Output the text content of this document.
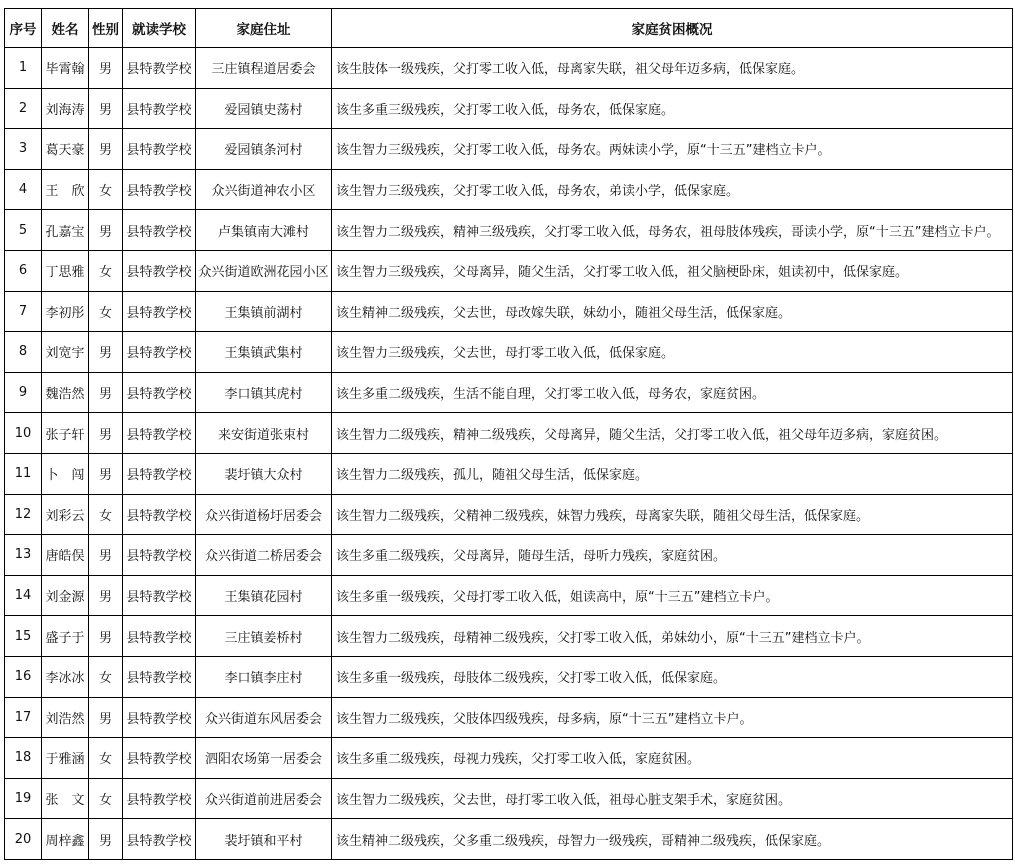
序号	姓名	性别	就读学校	家庭住址	家庭贫困概况
1	毕霄翰	男	县特教学校	三庄镇程道居委会	该生肢体一级残疾，父打零工收入低，母离家失联，祖父母年迈多病，低保家庭。
2	刘海涛	男	县特教学校	爱园镇史荡村	该生多重三级残疾，父打零工收入低，母务农，低保家庭。
3	葛天豪	男	县特教学校	爱园镇条河村	该生智力三级残疾，父打零工收入低，母务农。两妹读小学，原“十三五”建档立卡户。
4	王　欣	女	县特教学校	众兴街道神农小区	该生智力三级残疾，父打零工收入低，母务农，弟读小学，低保家庭。
5	孔嘉宝	男	县特教学校	卢集镇南大滩村	该生智力二级残疾，精神三级残疾，父打零工收入低，母务农，祖母肢体残疾，哥读小学，原“十三五”建档立卡户。
6	丁思雅	女	县特教学校	众兴街道欧洲花园小区	该生智力三级残疾，父母离异，随父生活，父打零工收入低，祖父脑梗卧床，姐读初中，低保家庭。
7	李初彤	女	县特教学校	王集镇前湖村	该生精神二级残疾，父去世，母改嫁失联，妹幼小，随祖父母生活，低保家庭。
8	刘宽宇	男	县特教学校	王集镇武集村	该生智力三级残疾，父去世，母打零工收入低，低保家庭。
9	魏浩然	男	县特教学校	李口镇其虎村	该生多重二级残疾，生活不能自理，父打零工收入低，母务农，家庭贫困。
10	张子轩	男	县特教学校	来安街道张束村	该生智力二级残疾，精神二级残疾，父母离异，随父生活，父打零工收入低，祖父母年迈多病，家庭贫困。
11	卜　闯	男	县特教学校	裴圩镇大众村	该生智力二级残疾，孤儿，随祖父母生活，低保家庭。
12	刘彩云	女	县特教学校	众兴街道杨圩居委会	该生智力二级残疾，父精神二级残疾，妹智力残疾，母离家失联，随祖父母生活，低保家庭。
13	唐皓俣	男	县特教学校	众兴街道二桥居委会	该生多重二级残疾，父母离异，随母生活，母听力残疾，家庭贫困。
14	刘金源	男	县特教学校	王集镇花园村	该生多重一级残疾，父母打零工收入低，姐读高中，原“十三五”建档立卡户。
15	盛子于	男	县特教学校	三庄镇姜桥村	该生智力二级残疾，母精神二级残疾，父打零工收入低，弟妹幼小，原“十三五”建档立卡户。
16	李冰冰	女	县特教学校	李口镇李庄村	该生多重一级残疾，母肢体二级残疾，父打零工收入低，低保家庭。
17	刘浩然	男	县特教学校	众兴街道东风居委会	该生智力二级残疾，父肢体四级残疾，母多病，原“十三五”建档立卡户。
18	于雅涵	女	县特教学校	泗阳农场第一居委会	该生多重二级残疾，母视力残疾，父打零工收入低，家庭贫困。
19	张　文	女	县特教学校	众兴街道前进居委会	该生智力二级残疾，父去世，母打零工收入低，祖母心脏支架手术，家庭贫困。
20	周梓鑫	男	县特教学校	裴圩镇和平村	该生精神二级残疾，父多重二级残疾，母智力一级残疾，哥精神二级残疾，低保家庭。
